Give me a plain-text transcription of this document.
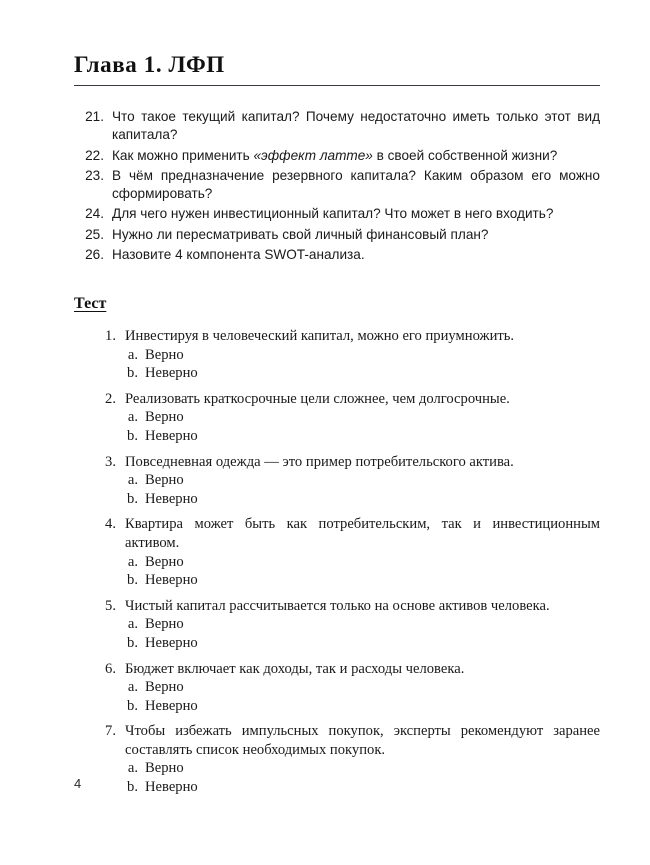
Глава 1. ЛФП
21. Что такое текущий капитал? Почему недостаточно иметь только этот вид капитала?
22. Как можно применить «эффект латте» в своей собственной жизни?
23. В чём предназначение резервного капитала? Каким образом его можно сформировать?
24. Для чего нужен инвестиционный капитал? Что может в него входить?
25. Нужно ли пересматривать свой личный финансовый план?
26. Назовите 4 компонента SWOT-анализа.
Тест
1. Инвестируя в человеческий капитал, можно его приумножить.
a. Верно
b. Неверно
2. Реализовать краткосрочные цели сложнее, чем долгосрочные.
a. Верно
b. Неверно
3. Повседневная одежда — это пример потребительского актива.
a. Верно
b. Неверно
4. Квартира может быть как потребительским, так и инвестиционным активом.
a. Верно
b. Неверно
5. Чистый капитал рассчитывается только на основе активов человека.
a. Верно
b. Неверно
6. Бюджет включает как доходы, так и расходы человека.
a. Верно
b. Неверно
7. Чтобы избежать импульсных покупок, эксперты рекомендуют заранее составлять список необходимых покупок.
a. Верно
b. Неверно
4
